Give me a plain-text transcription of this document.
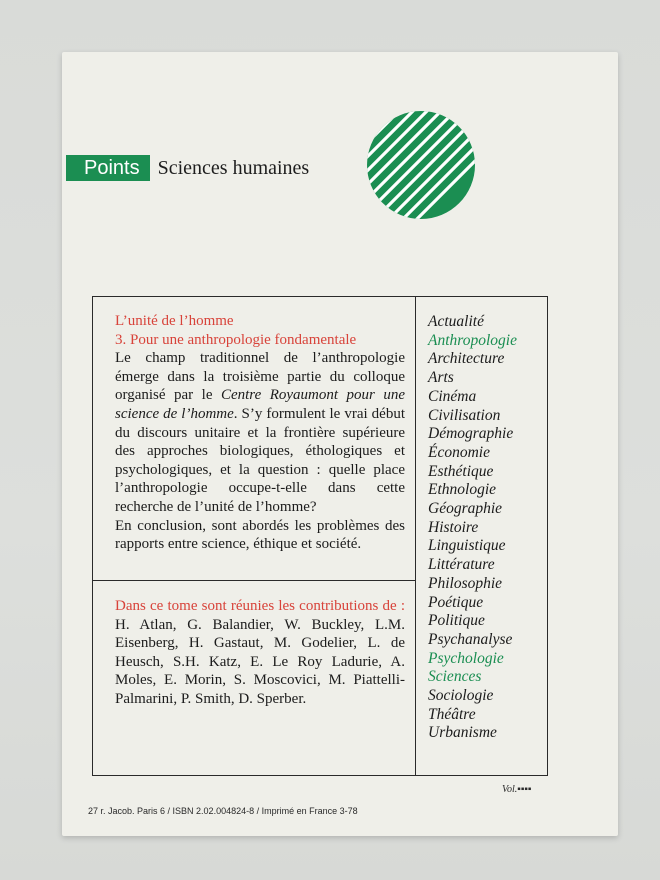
Points Sciences humaines
L’unité de l’homme
3. Pour une anthropologie fondamentale
Le champ traditionnel de l’anthropologie émerge dans la troisième partie du colloque organisé par le Centre Royaumont pour une science de l’homme. S’y formulent le vrai début du discours unitaire et la frontière supérieure des approches biologiques, éthologiques et psychologiques, et la question : quelle place l’anthropologie occupe-t-elle dans cette recherche de l’unité de l’homme?
En conclusion, sont abordés les problèmes des rapports entre science, éthique et société.
Dans ce tome sont réunies les contributions de : H. Atlan, G. Balandier, W. Buckley, L.M. Eisenberg, H. Gastaut, M. Godelier, L. de Heusch, S.H. Katz, E. Le Roy Ladurie, A. Moles, E. Morin, S. Moscovici, M. Piattelli-Palmarini, P. Smith, D. Sperber.
Actualité
Anthropologie
Architecture
Arts
Cinéma
Civilisation
Démographie
Économie
Esthétique
Ethnologie
Géographie
Histoire
Linguistique
Littérature
Philosophie
Poétique
Politique
Psychanalyse
Psychologie
Sciences
Sociologie
Théâtre
Urbanisme
27 r. Jacob. Paris 6 / ISBN 2.02.004824-8 / Imprimé en France 3-78
Vol.▪▪▪▪
